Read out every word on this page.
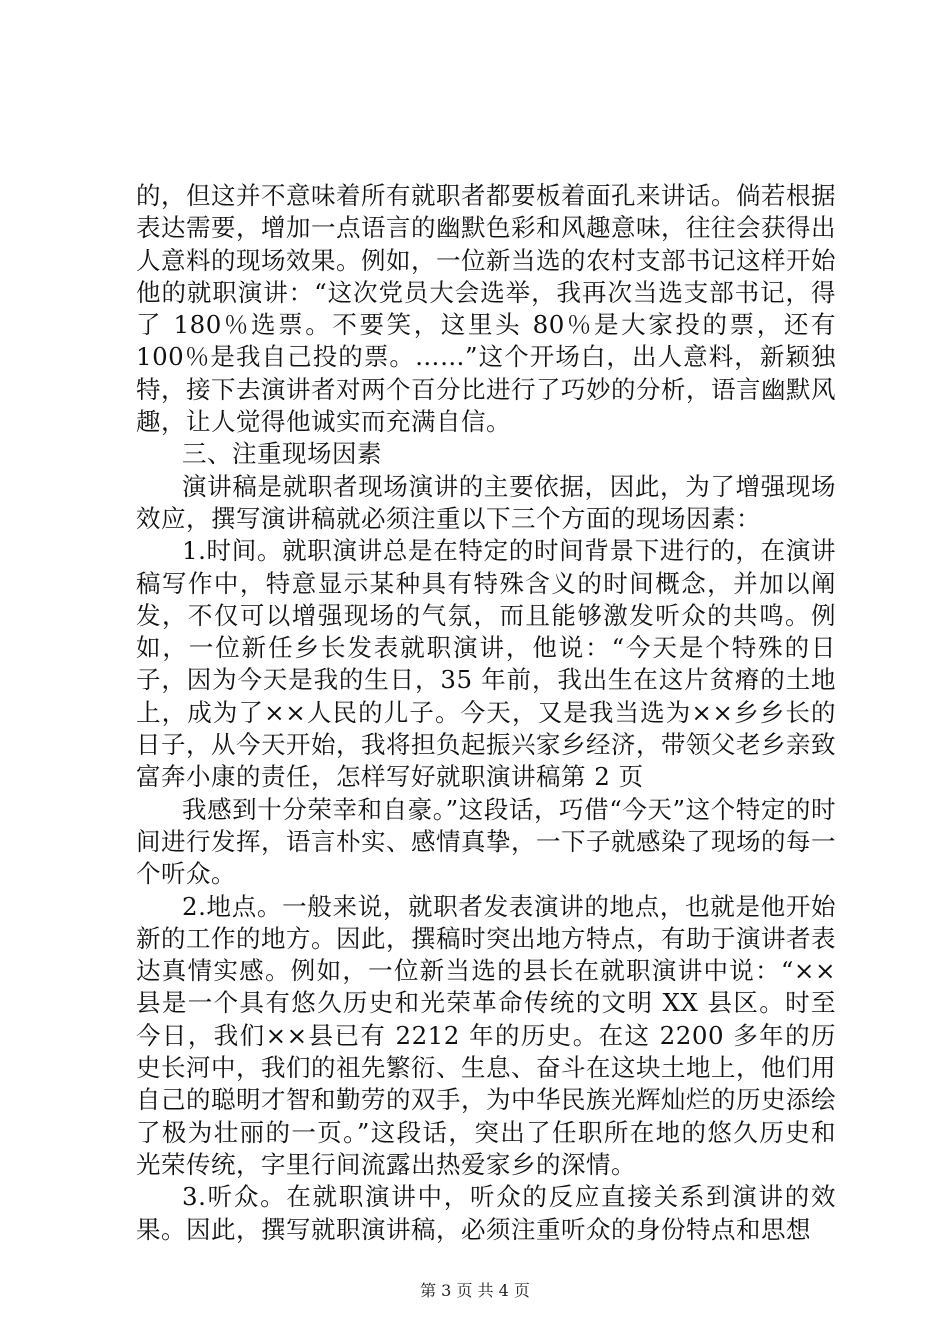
的，但这并不意味着所有就职者都要板着面孔来讲话。倘若根据表达需要，增加一点语言的幽默色彩和风趣意味，往往会获得出人意料的现场效果。例如，一位新当选的农村支部书记这样开始他的就职演讲：“这次党员大会选举，我再次当选支部书记，得了 180％选票。不要笑，这里头 80％是大家投的票，还有 100％是我自己投的票。……”这个开场白，出人意料，新颖独特，接下去演讲者对两个百分比进行了巧妙的分析，语言幽默风趣，让人觉得他诚实而充满自信。

三、注重现场因素

演讲稿是就职者现场演讲的主要依据，因此，为了增强现场效应，撰写演讲稿就必须注重以下三个方面的现场因素：

1.时间。就职演讲总是在特定的时间背景下进行的，在演讲稿写作中，特意显示某种具有特殊含义的时间概念，并加以阐发，不仅可以增强现场的气氛，而且能够激发听众的共鸣。例如，一位新任乡长发表就职演讲，他说：“今天是个特殊的日子，因为今天是我的生日，35 年前，我出生在这片贫瘠的土地上，成为了××人民的儿子。今天，又是我当选为××乡乡长的日子，从今天开始，我将担负起振兴家乡经济，带领父老乡亲致富奔小康的责任，怎样写好就职演讲稿第 2 页

我感到十分荣幸和自豪。”这段话，巧借“今天”这个特定的时间进行发挥，语言朴实、感情真挚，一下子就感染了现场的每一个听众。

2.地点。一般来说，就职者发表演讲的地点，也就是他开始新的工作的地方。因此，撰稿时突出地方特点，有助于演讲者表达真情实感。例如，一位新当选的县长在就职演讲中说：“××县是一个具有悠久历史和光荣革命传统的文明 XX 县区。时至今日，我们××县已有 2212 年的历史。在这 2200 多年的历史长河中，我们的祖先繁衍、生息、奋斗在这块土地上，他们用自己的聪明才智和勤劳的双手，为中华民族光辉灿烂的历史添绘了极为壮丽的一页。”这段话，突出了任职所在地的悠久历史和光荣传统，字里行间流露出热爱家乡的深情。

3.听众。在就职演讲中，听众的反应直接关系到演讲的效果。因此，撰写就职演讲稿，必须注重听众的身份特点和思想

第 3 页 共 4 页
